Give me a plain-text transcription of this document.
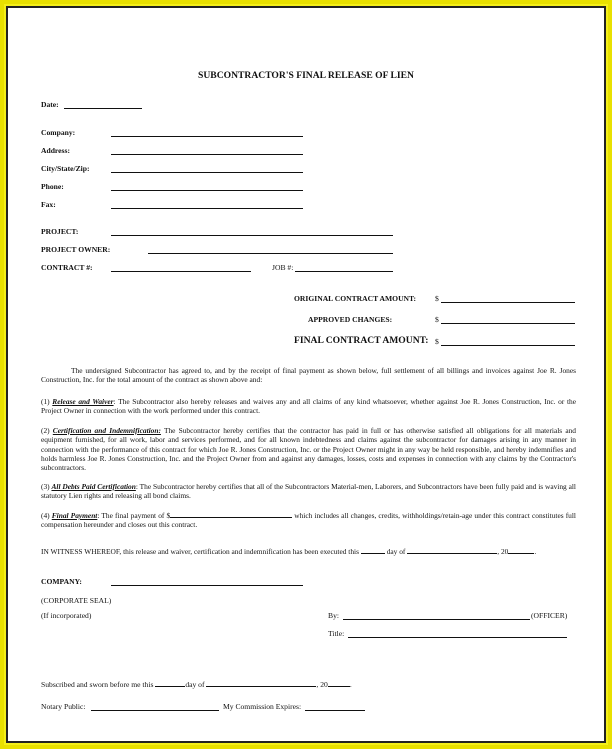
SUBCONTRACTOR'S FINAL RELEASE OF LIEN
Date:
Company:
Address:
City/State/Zip:
Phone:
Fax:
PROJECT:
PROJECT OWNER:
CONTRACT #:	JOB #:
ORIGINAL CONTRACT AMOUNT: $
APPROVED CHANGES:	$
FINAL CONTRACT AMOUNT: $
The undersigned Subcontractor has agreed to, and by the receipt of final payment as shown below, full settlement of all billings and invoices against Joe R. Jones Construction, Inc. for the total amount of the contract as shown above and:
(1) Release and Waiver: The Subcontractor also hereby releases and waives any and all claims of any kind whatsoever, whether against Joe R. Jones Construction, Inc. or the Project Owner in connection with the work performed under this contract.
(2) Certification and Indemnification: The Subcontractor hereby certifies that the contractor has paid in full or has otherwise satisfied all obligations for all materials and equipment furnished, for all work, labor and services performed, and for all known indebtedness and claims against the subcontractor for damages arising in any manner in connection with the performance of this contract for which Joe R. Jones Construction, Inc. or the Project Owner might in any way be held responsible, and hereby indemnifies and holds harmless Joe R. Jones Construction, Inc. and the Project Owner from and against any damages, losses, costs and expenses in connection with any claims by the Contractor's subcontractors.
(3) All Debts Paid Certification: The Subcontractor hereby certifies that all of the Subcontractors Material-men, Laborers, and Subcontractors have been fully paid and is waving all statutory Lien rights and releasing all bond claims.
(4) Final Payment: The final payment of $	which includes all changes, credits, withholdings/retain-age under this contract constitutes full compensation hereunder and closes out this contract.
IN WITNESS WHEREOF, this release and waiver, certification and indemnification has been executed this	day of	, 20	.
COMPANY:
(CORPORATE SEAL)
(If incorporated)	By:	(OFFICER)
Title:
Subscribed and sworn before me this	day of	, 20	.
Notary Public:	My Commission Expires:
